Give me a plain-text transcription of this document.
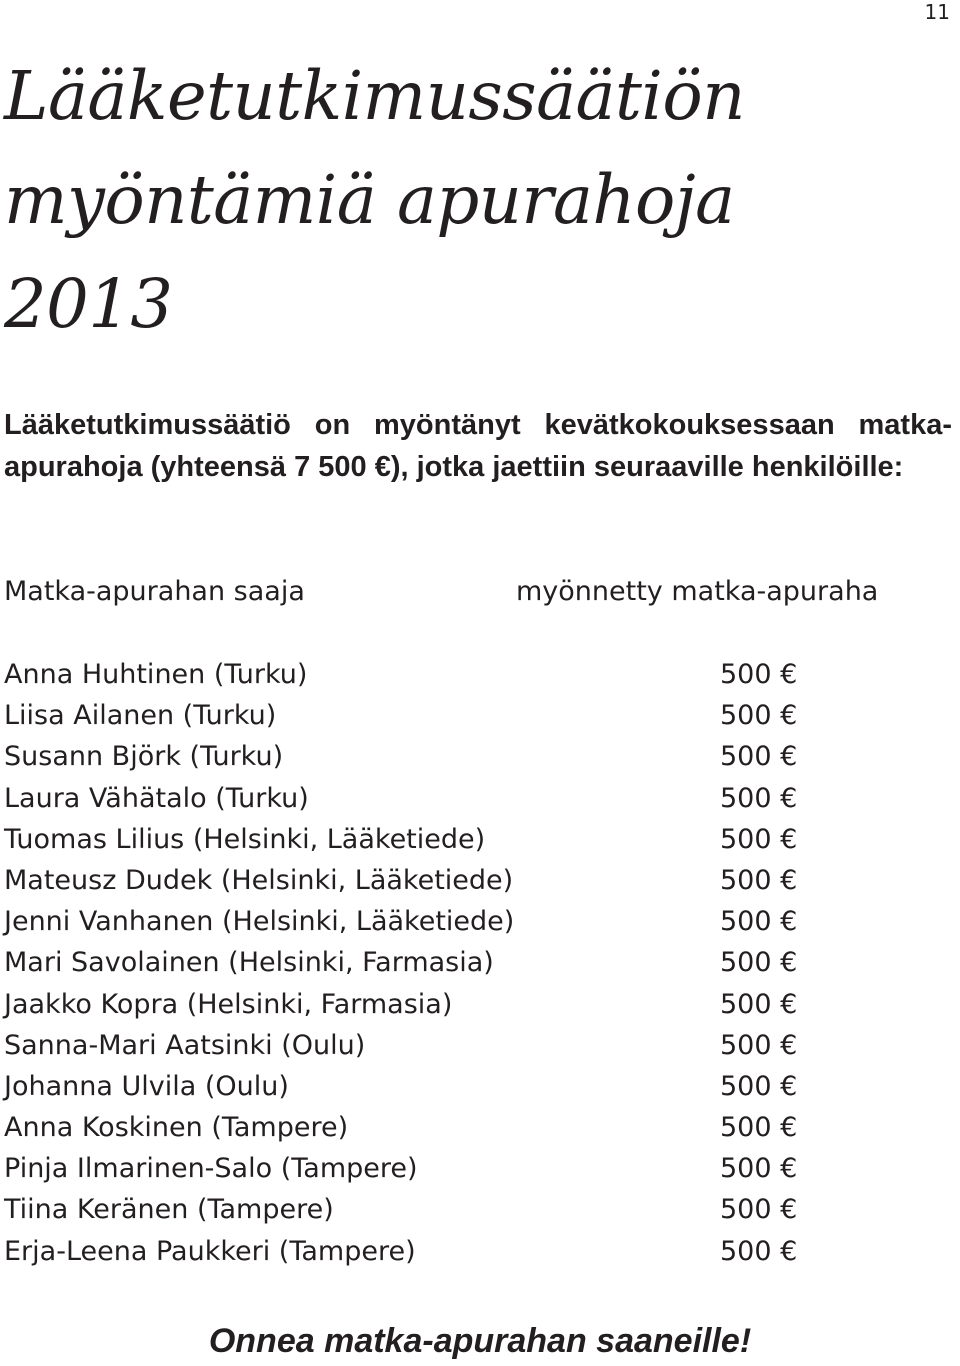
11
Lääketutkimussäätiön
myöntämiä apurahoja
2013

Lääketutkimussäätiö on myöntänyt kevätkokouksessaan matka-
apurahoja (yhteensä 7 500 €), jotka jaettiin seuraaville henkilöille:

Matka-apurahan saaja	myönnetty matka-apuraha
Anna Huhtinen (Turku)	500 €
Liisa Ailanen (Turku)	500 €
Susann Björk (Turku)	500 €
Laura Vähätalo (Turku)	500 €
Tuomas Lilius (Helsinki, Lääketiede)	500 €
Mateusz Dudek (Helsinki, Lääketiede)	500 €
Jenni Vanhanen (Helsinki, Lääketiede)	500 €
Mari Savolainen (Helsinki, Farmasia)	500 €
Jaakko Kopra (Helsinki, Farmasia)	500 €
Sanna-Mari Aatsinki (Oulu)	500 €
Johanna Ulvila (Oulu)	500 €
Anna Koskinen (Tampere)	500 €
Pinja Ilmarinen-Salo (Tampere)	500 €
Tiina Keränen (Tampere)	500 €
Erja-Leena Paukkeri (Tampere)	500 €
Onnea matka-apurahan saaneille!
